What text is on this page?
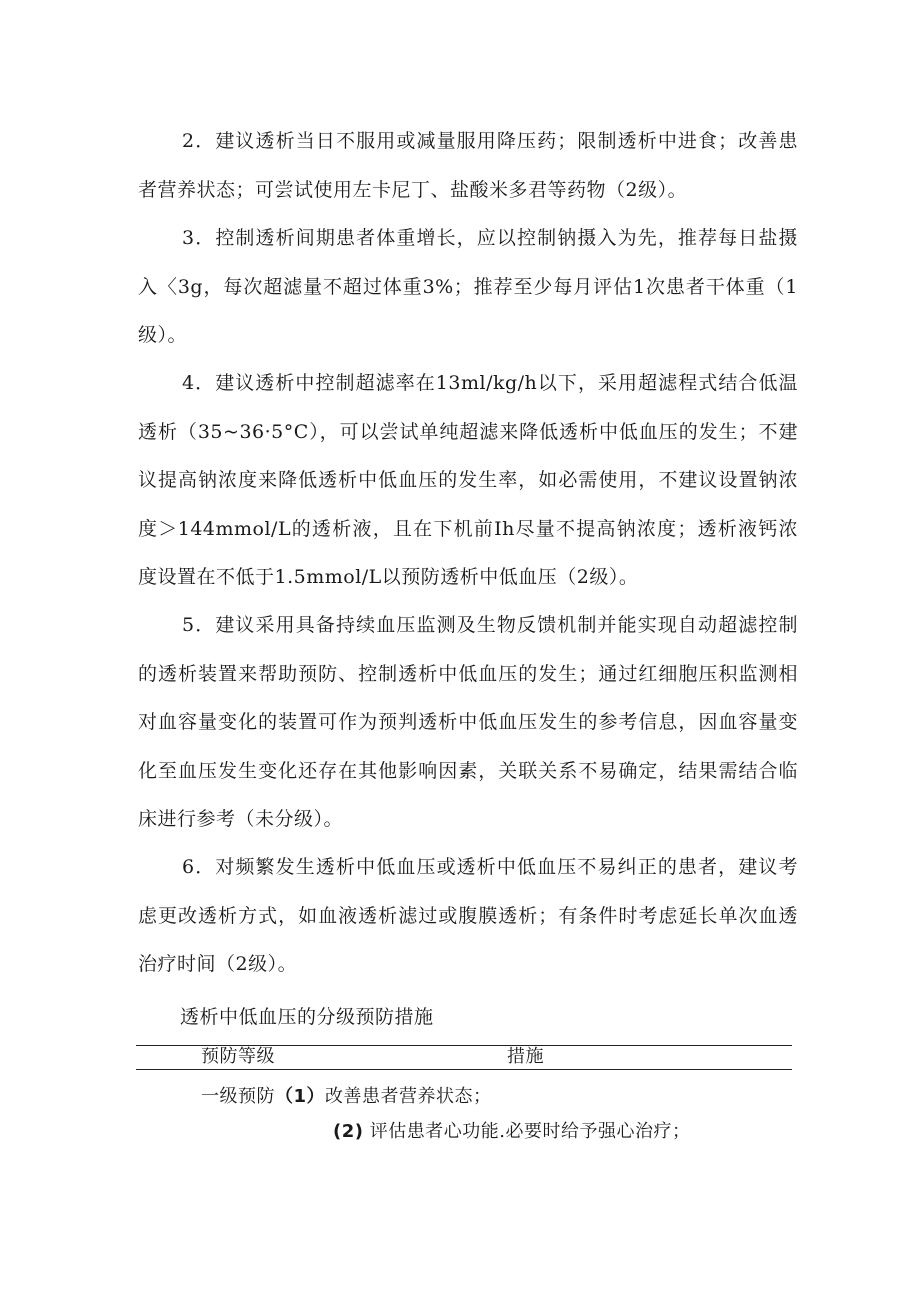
2．建议透析当日不服用或减量服用降压药；限制透析中进食；改善患者营养状态；可尝试使用左卡尼丁、盐酸米多君等药物（2级）。

3．控制透析间期患者体重增长，应以控制钠摄入为先，推荐每日盐摄入〈3g，每次超滤量不超过体重3%；推荐至少每月评估1次患者干体重（1级）。

4．建议透析中控制超滤率在13ml/kg/h以下，采用超滤程式结合低温透析（35~36·5°C），可以尝试单纯超滤来降低透析中低血压的发生；不建议提高钠浓度来降低透析中低血压的发生率，如必需使用，不建议设置钠浓度＞144mmol/L的透析液，且在下机前Ih尽量不提高钠浓度；透析液钙浓度设置在不低于1.5mmol/L以预防透析中低血压（2级）。

5．建议采用具备持续血压监测及生物反馈机制并能实现自动超滤控制的透析装置来帮助预防、控制透析中低血压的发生；通过红细胞压积监测相对血容量变化的装置可作为预判透析中低血压发生的参考信息，因血容量变化至血压发生变化还存在其他影响因素，关联关系不易确定，结果需结合临床进行参考（未分级）。

6．对频繁发生透析中低血压或透析中低血压不易纠正的患者，建议考虑更改透析方式，如血液透析滤过或腹膜透析；有条件时考虑延长单次血透治疗时间（2级）。

透析中低血压的分级预防措施
预防等级	措施
一级预防（1）改善患者营养状态；
(2) 评估患者心功能.必要时给予强心治疗；
